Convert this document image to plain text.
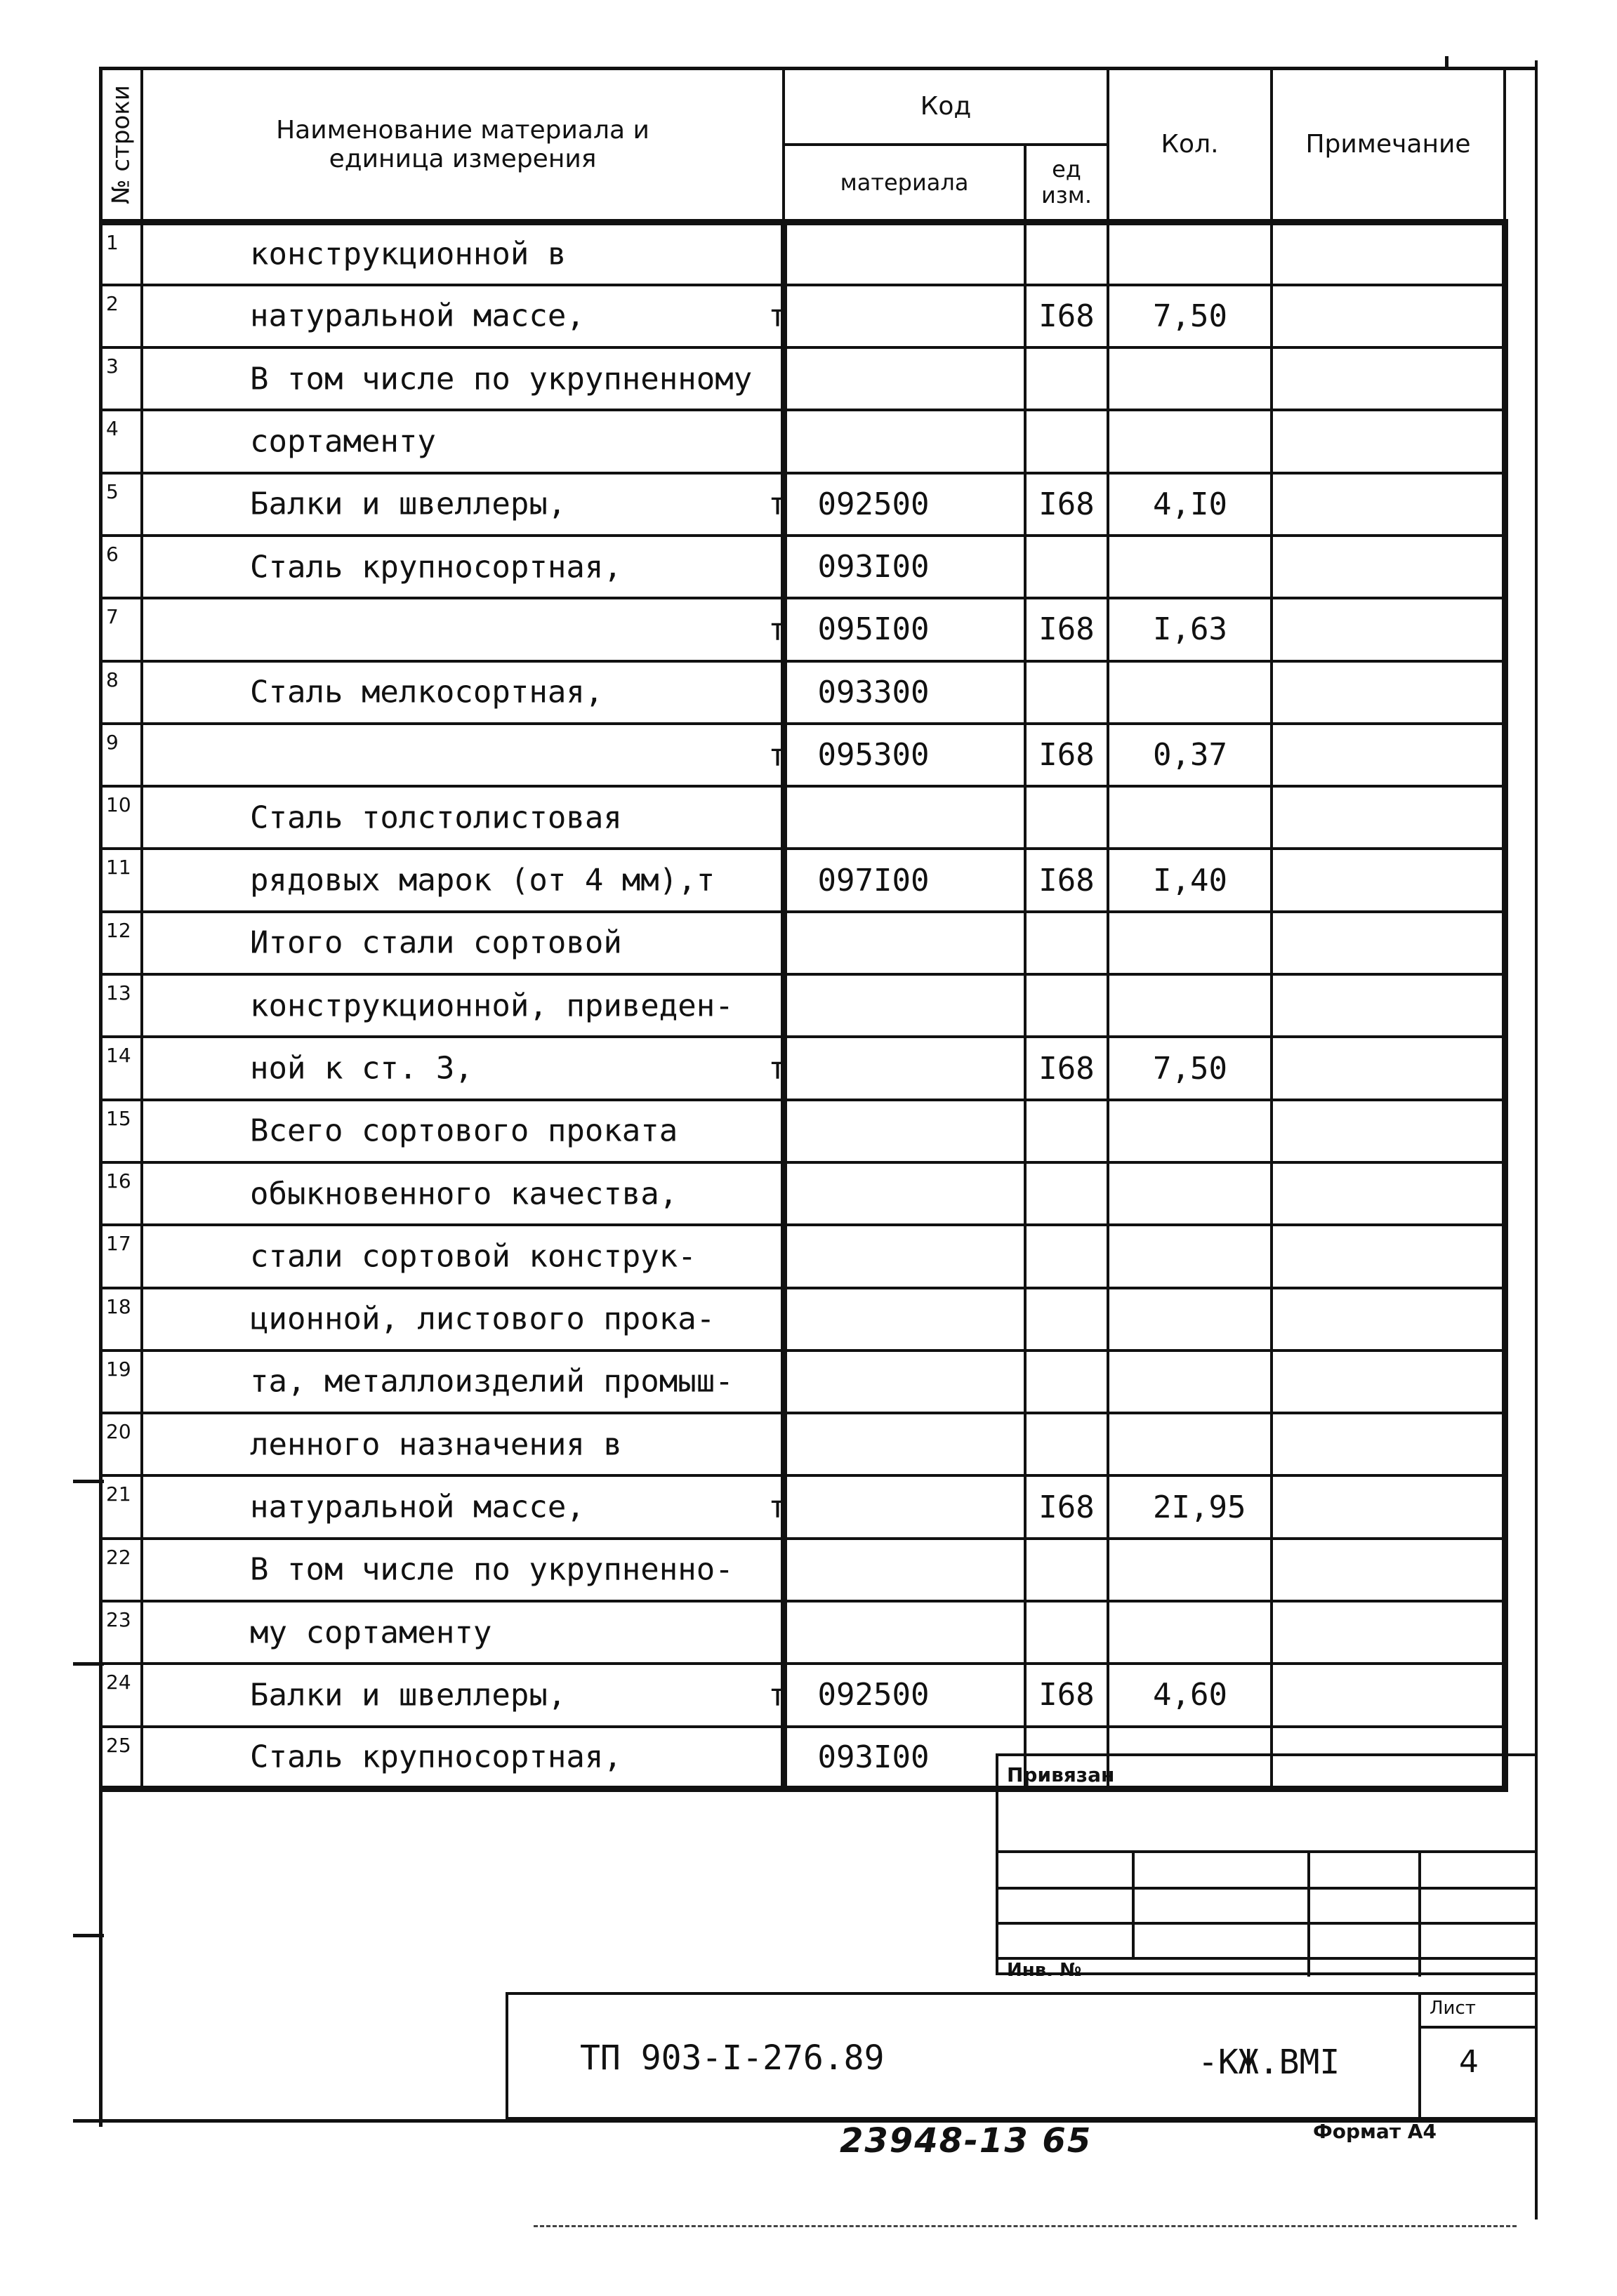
№ строки	Наименование материала и единица измерения	Код		Кол.	Примечание
		материала	ед изм.		
1	конструкционной в				

2	натуральной массе, т		I68	7,50	
3	В том числе по укрупненному				

4	сортаменту				

5	Балки и швеллеры, т	092500	I68	4,I0	
6	Сталь крупносортная,	093I00			
7	т	095I00	I68	I,63	
8	Сталь мелкосортная,	093300			
9	т	095300	I68	0,37	
10	Сталь толстолистовая				

11	рядовых марок (от 4 мм),т	097I00	I68	I,40	
12	Итого стали сортовой				

13	конструкционной, приведен-				

14	ной к ст. 3, т		I68	7,50	
15	Всего сортового проката				

16	обыкновенного качества,				

17	стали сортовой конструк-				

18	ционной, листового прока-				

19	та, металлоизделий промыш-				

20	ленного назначения в				

21	натуральной массе, т		I68	2I,95	
22	В том числе по укрупненно-				

23	му сортаменту				

24	Балки и швеллеры, т	092500	I68	4,60	
25	Сталь крупносортная,	093I00				Привязан
Инв. №
Лист
4
ТП 903-I-276.89	-КЖ.ВМI
23948-13 65	Формат А4
